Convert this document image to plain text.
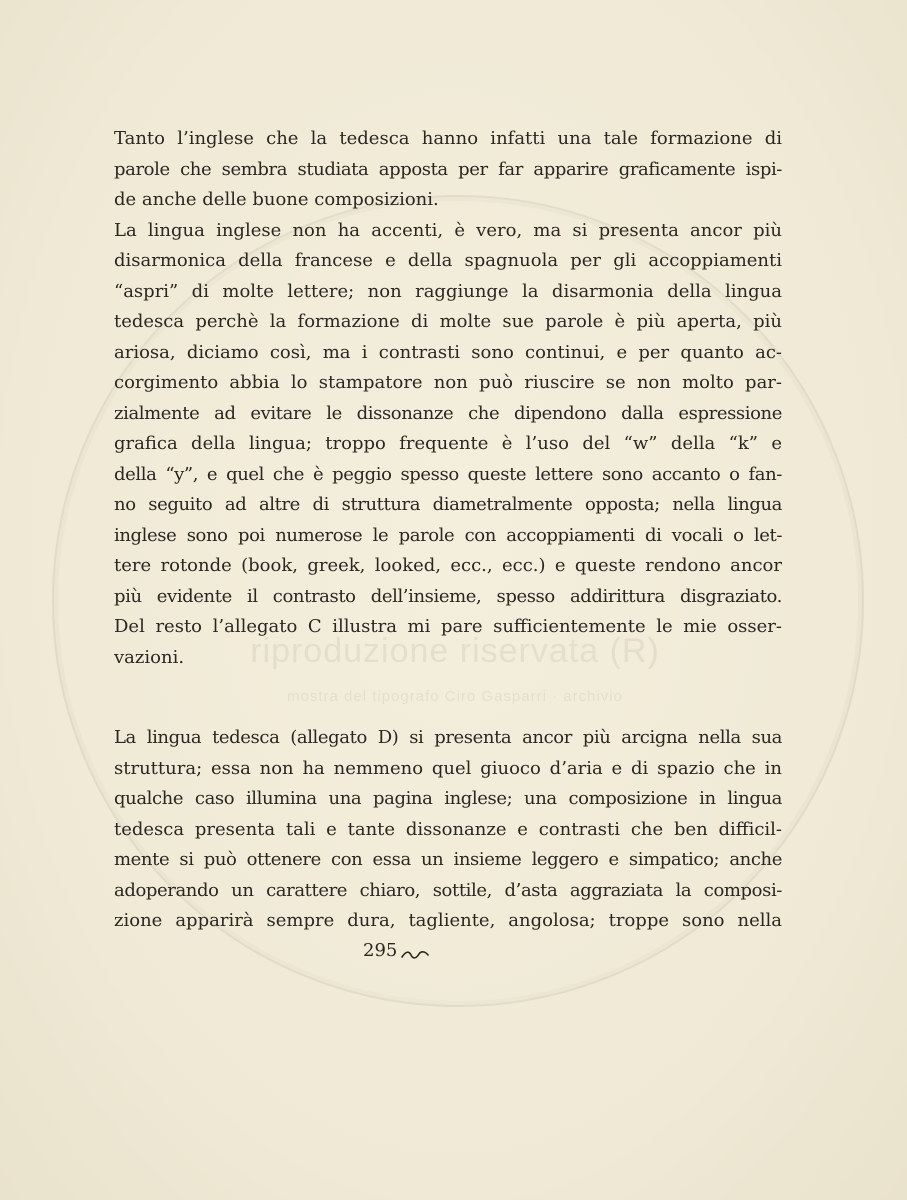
riproduzione riservata (R)
mostra del tipografo Ciro Gasparri · archivio
Tanto l’inglese che la tedesca hanno infatti una tale formazione di
parole che sembra studiata apposta per far apparire graficamente ispi-
de anche delle buone composizioni.
La lingua inglese non ha accenti, è vero, ma si presenta ancor più
disarmonica della francese e della spagnuola per gli accoppiamenti
“aspri” di molte lettere; non raggiunge la disarmonia della lingua
tedesca perchè la formazione di molte sue parole è più aperta, più
ariosa, diciamo così, ma i contrasti sono continui, e per quanto ac-
corgimento abbia lo stampatore non può riuscire se non molto par-
zialmente ad evitare le dissonanze che dipendono dalla espressione
grafica della lingua; troppo frequente è l’uso del “w” della “k” e
della “y”, e quel che è peggio spesso queste lettere sono accanto o fan-
no seguito ad altre di struttura diametralmente opposta; nella lingua
inglese sono poi numerose le parole con accoppiamenti di vocali o let-
tere rotonde (book, greek, looked, ecc., ecc.) e queste rendono ancor
più evidente il contrasto dell’insieme, spesso addirittura disgraziato.
Del resto l’allegato C illustra mi pare sufficientemente le mie osser-
vazioni.
La lingua tedesca (allegato D) si presenta ancor più arcigna nella sua
struttura; essa non ha nemmeno quel giuoco d’aria e di spazio che in
qualche caso illumina una pagina inglese; una composizione in lingua
tedesca presenta tali e tante dissonanze e contrasti che ben difficil-
mente si può ottenere con essa un insieme leggero e simpatico; anche
adoperando un carattere chiaro, sottile, d’asta aggraziata la composi-
zione apparirà sempre dura, tagliente, angolosa; troppe sono nella
295
